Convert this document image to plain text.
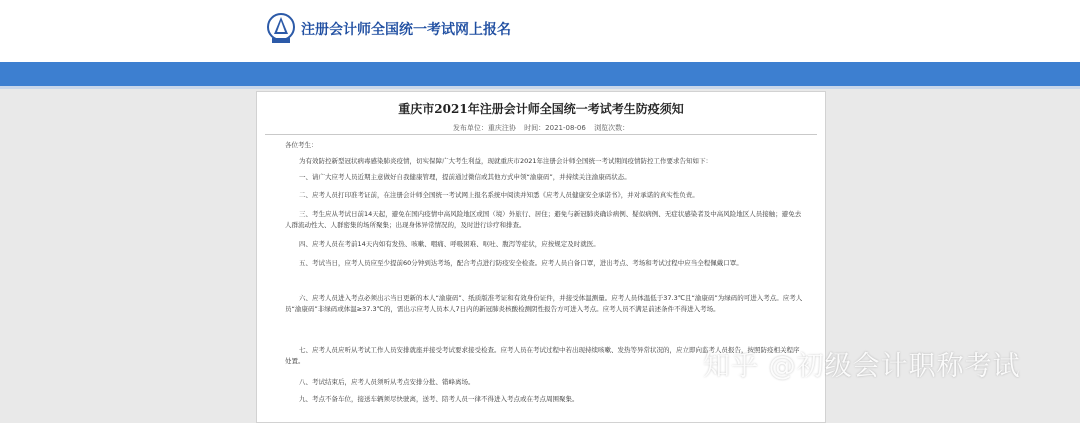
注册会计师全国统一考试网上报名
重庆市2021年注册会计师全国统一考试考生防疫须知
发布单位：重庆注协 时间：2021-08-06 浏览次数：
各位考生：
为有效防控新型冠状病毒感染肺炎疫情，切实保障广大考生利益，现就重庆市2021年注册会计师全国统一考试期间疫情防控工作要求告知如下：
一、请广大应考人员近期主意做好自我健康管理，提前通过微信或其他方式申领“渝康码”，并持续关注渝康码状态。
二、应考人员打印准考证前，在注册会计师全国统一考试网上报名系统中阅读并知悉《应考人员健康安全承诺书》，并对承诺的真实性负责。
三、考生应从考试日前14天起，避免在国内疫情中高风险地区或国（境）外旅行、居住；避免与新冠肺炎确诊病例、疑似病例、无症状感染者及中高风险地区人员接触；避免去人群流动性大、人群密集的场所聚集；出现身体异常情况的，及时进行诊疗和排查。
四、应考人员在考前14天内如有发热、咳嗽、咽痛、呼吸困难、呕吐、腹泻等症状，应按规定及时就医。
五、考试当日，应考人员应至少提前60分钟到达考场，配合考点进行防疫安全检查。应考人员自备口罩，进出考点、考场和考试过程中应当全程佩戴口罩。
六、应考人员进入考点必须出示当日更新的本人“渝康码”、纸质版准考证和有效身份证件，并接受体温测量。应考人员体温低于37.3℃且“渝康码”为绿码的可进入考点。应考人员“渝康码”非绿码或体温≥37.3℃的，需出示应考人员本人7日内的新冠肺炎核酸检测阴性报告方可进入考点。应考人员不满足前述条件不得进入考场。
七、应考人员应听从考试工作人员安排就座并接受考试要求接受检查。应考人员在考试过程中若出现持续咳嗽、发热等异常状况的，应立即向监考人员报告，按照防疫相关程序处置。
八、考试结束后，应考人员须听从考点安排分批、错峰离场。
九、考点不备车位，接送车辆须尽快驶离，送考、陪考人员一律不得进入考点或在考点周围聚集。
知乎 @初级会计职称考试
